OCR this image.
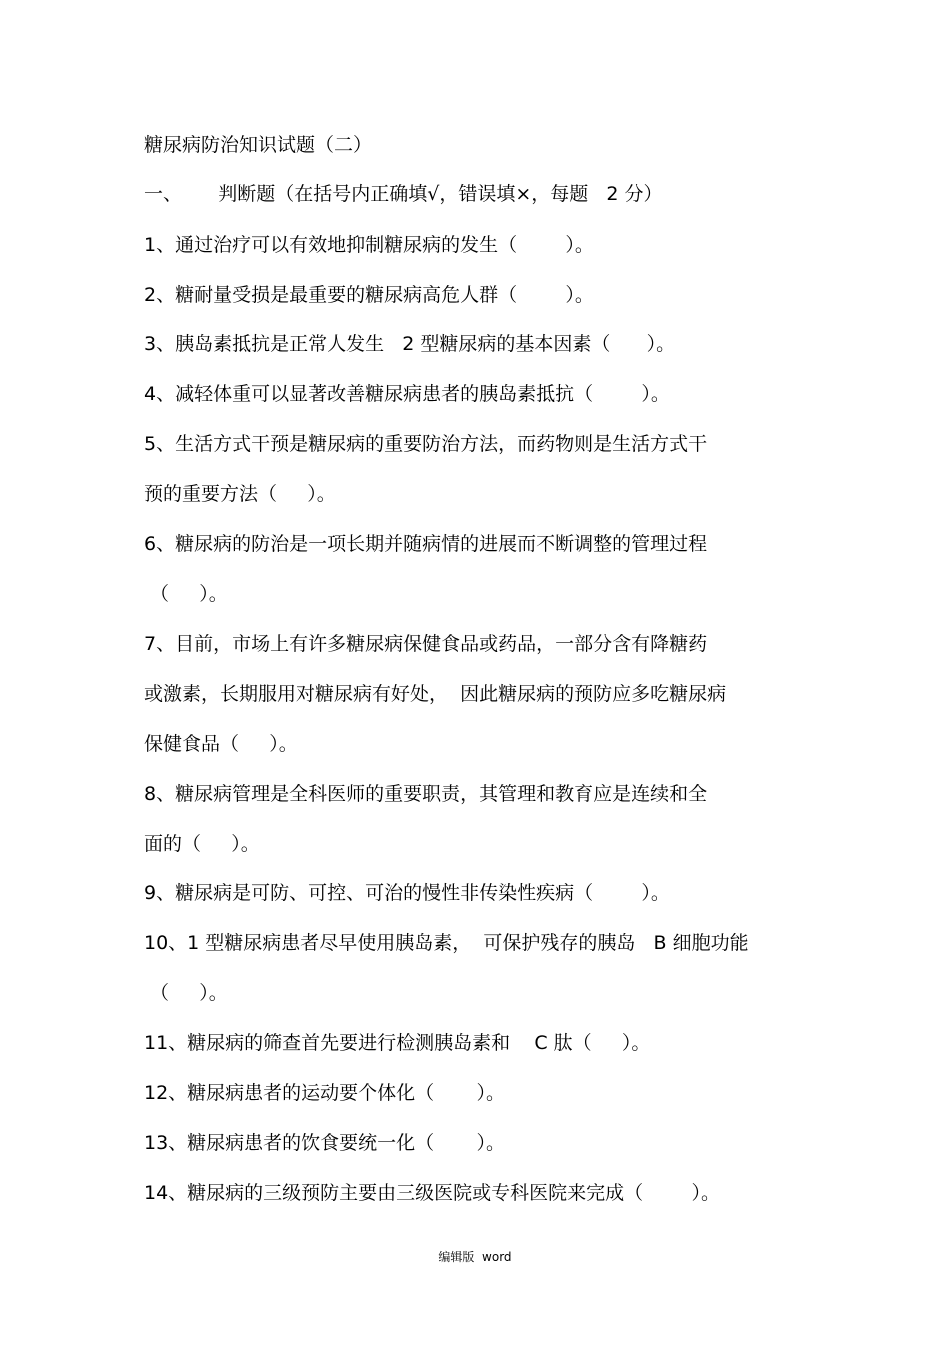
糖尿病防治知识试题（二）
一、      判断题（在括号内正确填√，错误填×，每题   2 分）
1、通过治疗可以有效地抑制糖尿病的发生（        ）。
2、糖耐量受损是最重要的糖尿病高危人群（        ）。
3、胰岛素抵抗是正常人发生   2 型糖尿病的基本因素（      ）。
4、减轻体重可以显著改善糖尿病患者的胰岛素抵抗（        ）。
5、生活方式干预是糖尿病的重要防治方法，而药物则是生活方式干
预的重要方法（     ）。
6、糖尿病的防治是一项长期并随病情的进展而不断调整的管理过程
（     ）。
7、目前，市场上有许多糖尿病保健食品或药品，一部分含有降糖药
或激素，长期服用对糖尿病有好处，  因此糖尿病的预防应多吃糖尿病
保健食品（     ）。
8、糖尿病管理是全科医师的重要职责，其管理和教育应是连续和全
面的（     ）。
9、糖尿病是可防、可控、可治的慢性非传染性疾病（        ）。
10、1 型糖尿病患者尽早使用胰岛素，  可保护残存的胰岛   B 细胞功能
（     ）。
11、糖尿病的筛查首先要进行检测胰岛素和    C 肽（     ）。
12、糖尿病患者的运动要个体化（       ）。
13、糖尿病患者的饮食要统一化（       ）。
14、糖尿病的三级预防主要由三级医院或专科医院来完成（        ）。
编辑版  word
